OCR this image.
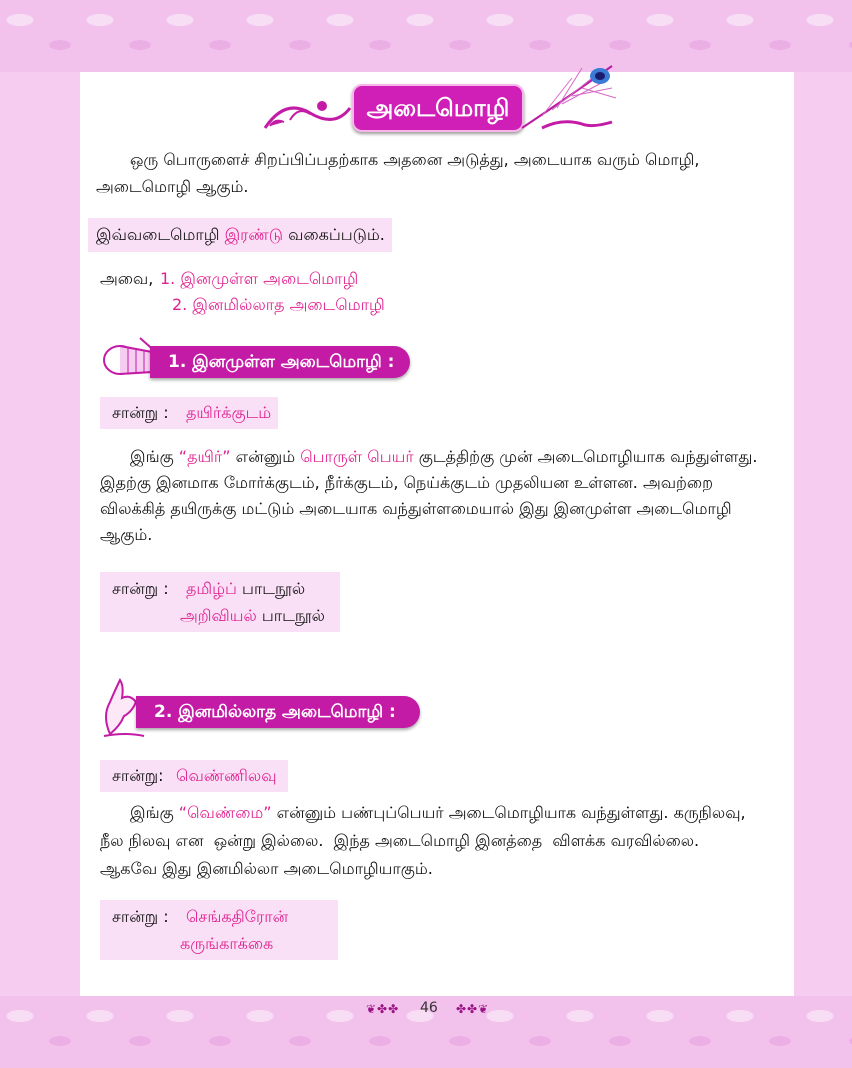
அடைமொழி
ஒரு பொருளைச் சிறப்பிப்பதற்காக அதனை அடுத்து, அடையாக வரும் மொழி,
அடைமொழி ஆகும்.
இவ்வடைமொழி இரண்டு வகைப்படும்.
அவை, 1. இனமுள்ள அடைமொழி
2. இனமில்லாத அடைமொழி
1. இனமுள்ள அடைமொழி :
சான்று : தயிர்க்குடம்
இங்கு “தயிர்” என்னும் பொருள் பெயர் குடத்திற்கு முன் அடைமொழியாக வந்துள்ளது.
இதற்கு இனமாக மோர்க்குடம், நீர்க்குடம், நெய்க்குடம் முதலியன உள்ளன. அவற்றை
விலக்கித் தயிருக்கு மட்டும் அடையாக வந்துள்ளமையால் இது இனமுள்ள அடைமொழி
ஆகும்.
சான்று : தமிழ்ப் பாடநூல்
அறிவியல் பாடநூல்
2. இனமில்லாத அடைமொழி :
சான்று: வெண்ணிலவு
இங்கு “வெண்மை” என்னும் பண்புப்பெயர் அடைமொழியாக வந்துள்ளது. கருநிலவு,
நீல நிலவு என  ஒன்று இல்லை.  இந்த அடைமொழி இனத்தை  விளக்க வரவில்லை.
ஆகவே இது இனமில்லா அடைமொழியாகும்.
சான்று : செங்கதிரோன்
கருங்காக்கை
❦✤✤ 46 ✤✤❦
